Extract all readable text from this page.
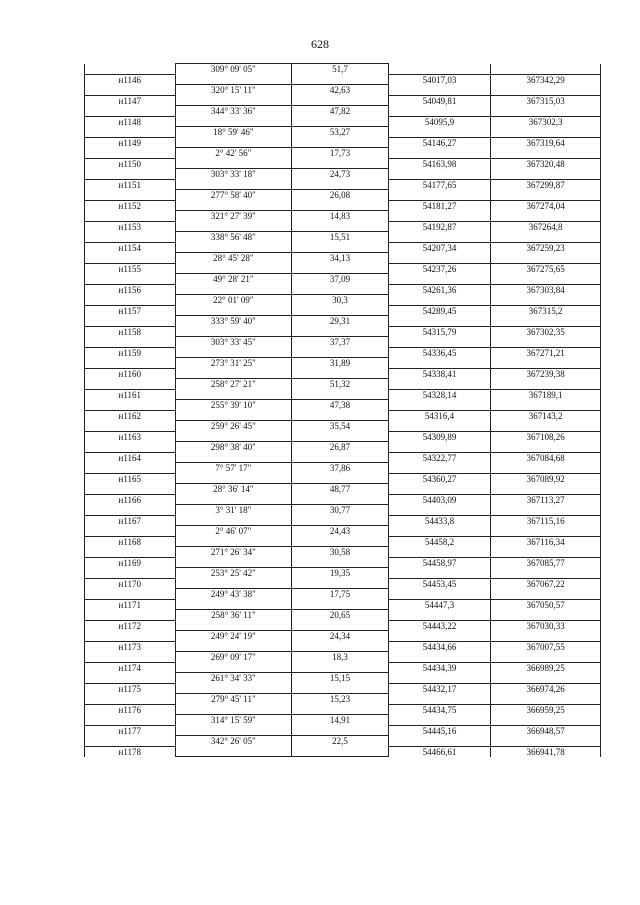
628
	309° 09' 05"	51,7		
н1146			54017,03	367342,29
	320° 15' 11"	42,63		
н1147			54049,81	367315,03
	344° 33' 36"	47,82		
н1148			54095,9	367302,3
	18° 59' 46"	53,27		
н1149			54146,27	367319,64
	2° 42' 56"	17,73		
н1150			54163,98	367320,48
	303° 33' 18"	24,73		
н1151			54177,65	367299,87
	277° 58' 40"	26,08		
н1152			54181,27	367274,04
	321° 27' 39"	14,83		
н1153			54192,87	367264,8
	338° 56' 48"	15,51		
н1154			54207,34	367259,23
	28° 45' 28"	34,13		
н1155			54237,26	367275,65
	49° 28' 21"	37,09		
н1156			54261,36	367303,84
	22° 01' 09"	30,3		
н1157			54289,45	367315,2
	333° 59' 40"	29,31		
н1158			54315,79	367302,35
	303° 33' 45"	37,37		
н1159			54336,45	367271,21
	273° 31' 25"	31,89		
н1160			54338,41	367239,38
	258° 27' 21"	51,32		
н1161			54328,14	367189,1
	255° 39' 10"	47,38		
н1162			54316,4	367143,2
	259° 26' 45"	35,54		
н1163			54309,89	367108,26
	298° 38' 40"	26,87		
н1164			54322,77	367084,68
	7° 57' 17"	37,86		
н1165			54360,27	367089,92
	28° 36' 14"	48,77		
н1166			54403,09	367113,27
	3° 31' 18"	30,77		
н1167			54433,8	367115,16
	2° 46' 07"	24,43		
н1168			54458,2	367116,34
	271° 26' 34"	30,58		
н1169			54458,97	367085,77
	253° 25' 42"	19,35		
н1170			54453,45	367067,22
	249° 43' 38"	17,75		
н1171			54447,3	367050,57
	258° 36' 11"	20,65		
н1172			54443,22	367030,33
	249° 24' 19"	24,34		
н1173			54434,66	367007,55
	269° 09' 17"	18,3		
н1174			54434,39	366989,25
	261° 34' 33"	15,15		
н1175			54432,17	366974,26
	279° 45' 11"	15,23		
н1176			54434,75	366959,25
	314° 15' 59"	14,91		
н1177			54445,16	366948,57
	342° 26' 05"	22,5		
н1178			54466,61	366941,78
